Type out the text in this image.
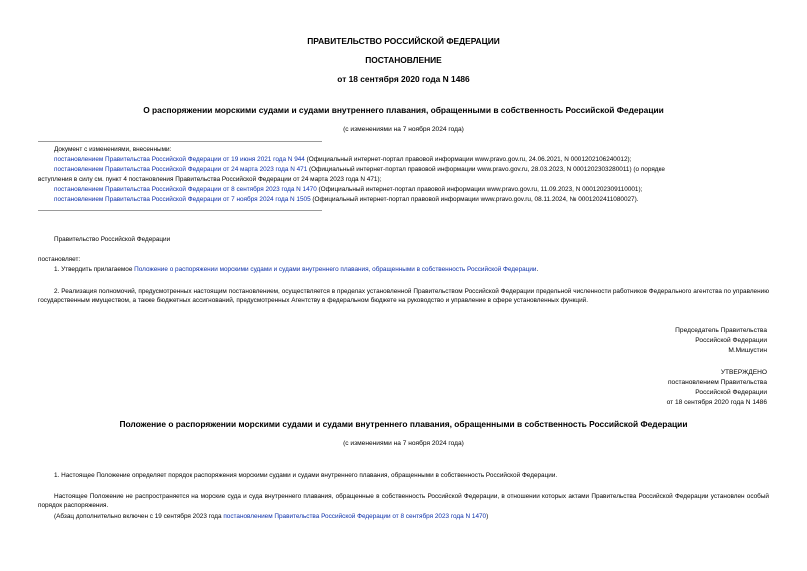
ПРАВИТЕЛЬСТВО РОССИЙСКОЙ ФЕДЕРАЦИИ
ПОСТАНОВЛЕНИЕ
от 18 сентября 2020 года N 1486
О распоряжении морскими судами и судами внутреннего плавания, обращенными в собственность Российской Федерации
(с изменениями на 7 ноября 2024 года)
Документ с изменениями, внесенными:
постановлением Правительства Российской Федерации от 19 июня 2021 года N 944 (Официальный интернет-портал правовой информации www.pravo.gov.ru, 24.06.2021, N 0001202106240012);
постановлением Правительства Российской Федерации от 24 марта 2023 года N 471 (Официальный интернет-портал правовой информации www.pravo.gov.ru, 28.03.2023, N 0001202303280011) (о порядке
вступления в силу см. пункт 4 постановления Правительства Российской Федерации от 24 марта 2023 года N 471);
постановлением Правительства Российской Федерации от 8 сентября 2023 года N 1470 (Официальный интернет-портал правовой информации www.pravo.gov.ru, 11.09.2023, N 0001202309110001);
постановлением Правительства Российской Федерации от 7 ноября 2024 года N 1505 (Официальный интернет-портал правовой информации www.pravo.gov.ru, 08.11.2024, № 0001202411080027).
Правительство Российской Федерации
постановляет:
1. Утвердить прилагаемое Положение о распоряжении морскими судами и судами внутреннего плавания, обращенными в собственность Российской Федерации.
2. Реализация полномочий, предусмотренных настоящим постановлением, осуществляется в пределах установленной Правительством Российской Федерации предельной численности работников Федерального агентства по управлению государственным имуществом, а также бюджетных ассигнований, предусмотренных Агентству в федеральном бюджете на руководство и управление в сфере установленных функций.
Председатель Правительства
Российской Федерации
М.Мишустин
УТВЕРЖДЕНО
постановлением Правительства
Российской Федерации
от 18 сентября 2020 года N 1486
Положение о распоряжении морскими судами и судами внутреннего плавания, обращенными в собственность Российской Федерации
(с изменениями на 7 ноября 2024 года)
1. Настоящее Положение определяет порядок распоряжения морскими судами и судами внутреннего плавания, обращенными в собственность Российской Федерации.
Настоящее Положение не распространяется на морские суда и суда внутреннего плавания, обращенные в собственность Российской Федерации, в отношении которых актами Правительства Российской Федерации установлен особый порядок распоряжения.
(Абзац дополнительно включен с 19 сентября 2023 года постановлением Правительства Российской Федерации от 8 сентября 2023 года N 1470)
